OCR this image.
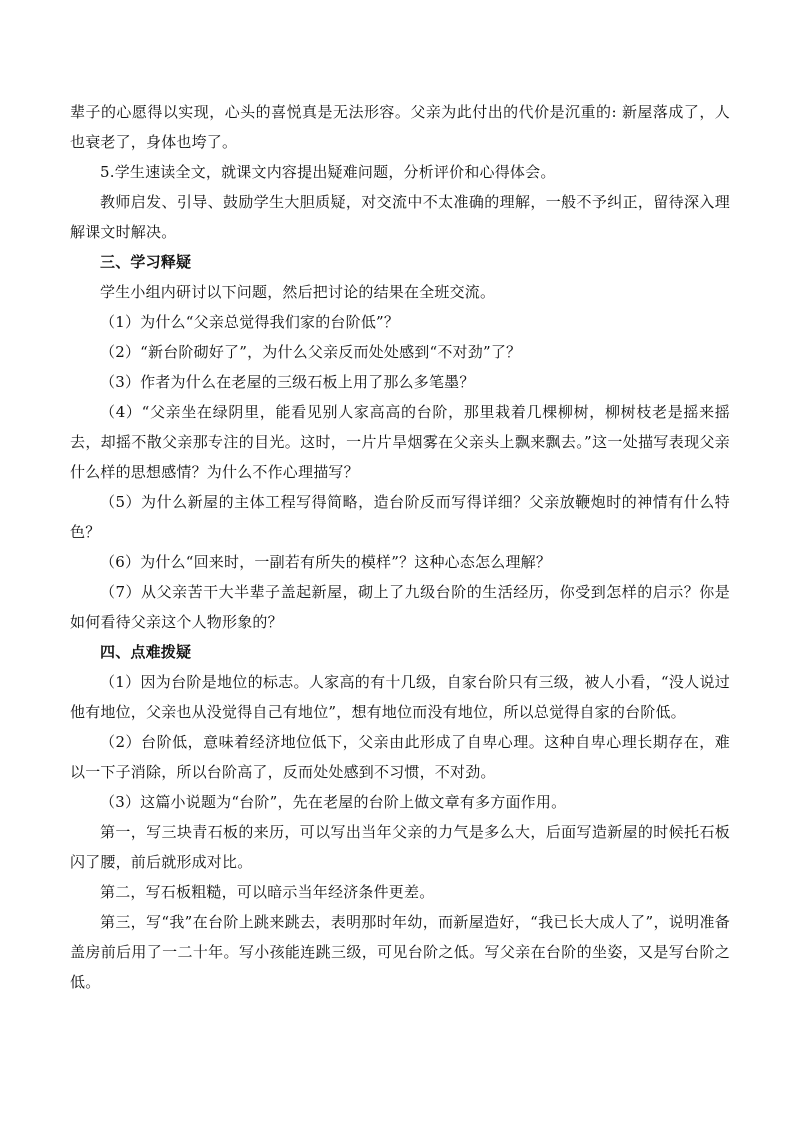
辈子的心愿得以实现，心头的喜悦真是无法形容。父亲为此付出的代价是沉重的: 新屋落成了，人也衰老了，身体也垮了。

5.学生速读全文，就课文内容提出疑难问题，分析评价和心得体会。

教师启发、引导、鼓励学生大胆质疑，对交流中不太准确的理解，一般不予纠正，留待深入理解课文时解决。

三、学习释疑

学生小组内研讨以下问题，然后把讨论的结果在全班交流。

（1）为什么“父亲总觉得我们家的台阶低”？

（2）“新台阶砌好了”，为什么父亲反而处处感到“不对劲”了？

（3）作者为什么在老屋的三级石板上用了那么多笔墨？

（4）“父亲坐在绿阴里，能看见别人家高高的台阶，那里栽着几棵柳树，柳树枝老是摇来摇去，却摇不散父亲那专注的目光。这时，一片片旱烟雾在父亲头上飘来飘去。”这一处描写表现父亲什么样的思想感情？为什么不作心理描写？

（5）为什么新屋的主体工程写得简略，造台阶反而写得详细？父亲放鞭炮时的神情有什么特色？

（6）为什么“回来时，一副若有所失的模样”？这种心态怎么理解？

（7）从父亲苦干大半辈子盖起新屋，砌上了九级台阶的生活经历，你受到怎样的启示？你是如何看待父亲这个人物形象的？

四、点难拨疑

（1）因为台阶是地位的标志。人家高的有十几级，自家台阶只有三级，被人小看，“没人说过他有地位，父亲也从没觉得自己有地位”，想有地位而没有地位，所以总觉得自家的台阶低。

（2）台阶低，意味着经济地位低下，父亲由此形成了自卑心理。这种自卑心理长期存在，难以一下子消除，所以台阶高了，反而处处感到不习惯，不对劲。

（3）这篇小说题为“台阶”，先在老屋的台阶上做文章有多方面作用。

第一，写三块青石板的来历，可以写出当年父亲的力气是多么大，后面写造新屋的时候托石板闪了腰，前后就形成对比。

第二，写石板粗糙，可以暗示当年经济条件更差。

第三，写“我”在台阶上跳来跳去，表明那时年幼，而新屋造好，“我已长大成人了”，说明准备盖房前后用了一二十年。写小孩能连跳三级，可见台阶之低。写父亲在台阶的坐姿，又是写台阶之低。
